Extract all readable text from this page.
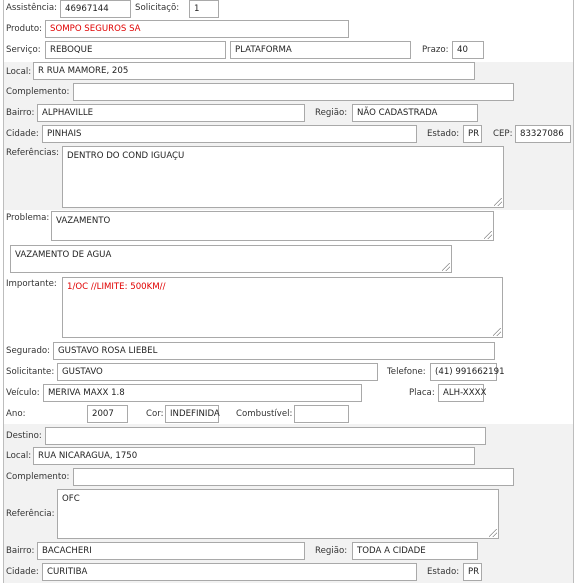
Assistência: 46967144	Solicitaçõ:	1
Produto: SOMPO SEGUROS SA
Serviço:	REBOQUE	PLATAFORMA	Prazo: 40
Local: R RUA MAMORE, 205
Complemento:
Bairro: ALPHAVILLE	Região:	NÃO CADASTRADA
Cidade: PINHAIS	Estado:	PR	CEP: 83327086
Referências: DENTRO DO COND IGUAÇU
Problema: VAZAMENTO
VAZAMENTO DE AGUA
Importante:	1/OC //LIMITE: 500KM//
Segurado: GUSTAVO ROSA LIEBEL
Solicitante: GUSTAVO	Telefone:	(41) 991662191
Veículo: MERIVA MAXX 1.8	Placa: ALH-XXXX
Ano:	2007	Cor: INDEFINIDA Combustível:
Destino:
Local: RUA NICARAGUA, 1750
Complemento:
Referência:
OFC
Bairro: BACACHERI	Região:	TODA A CIDADE
Cidade: CURITIBA	Estado:	PR
